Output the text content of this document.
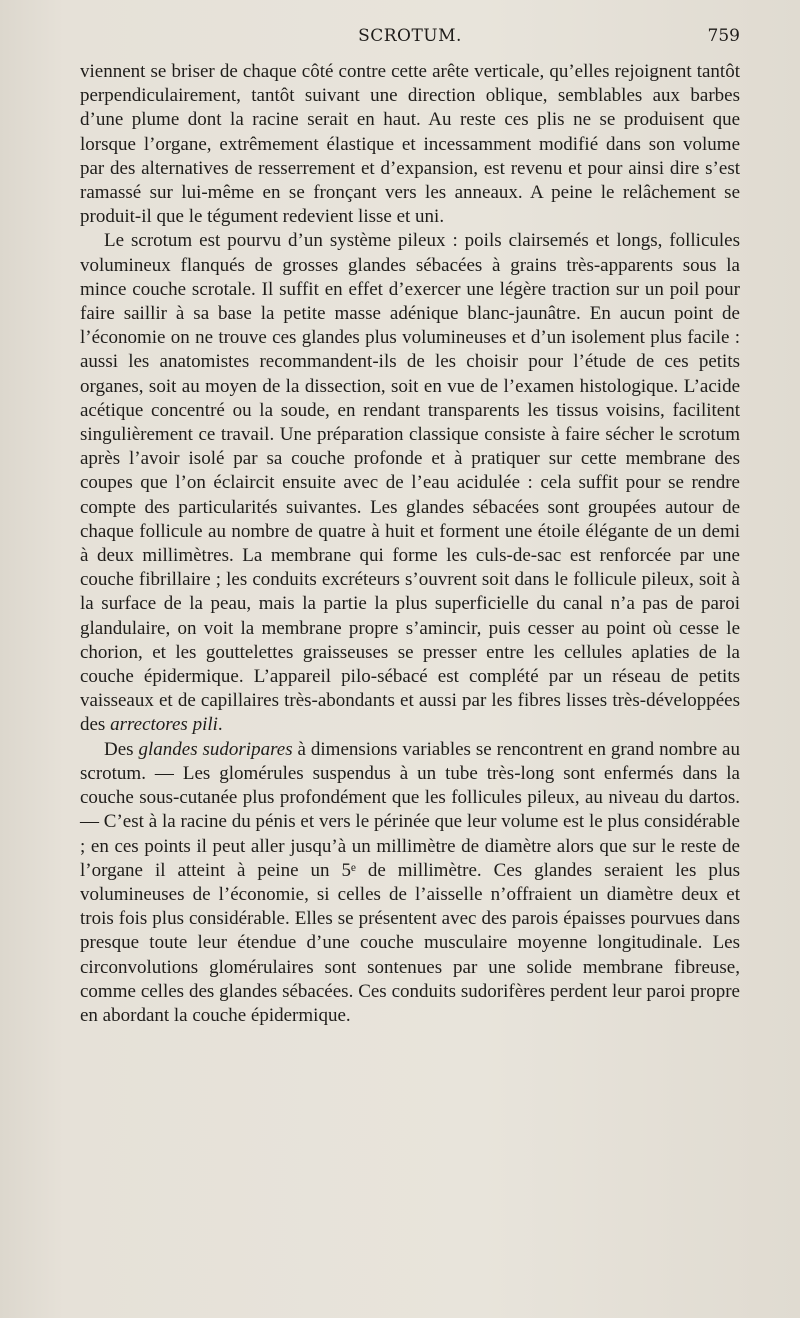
SCROTUM.	759

viennent se briser de chaque côté contre cette arête verticale, qu’elles rejoignent tantôt perpendiculairement, tantôt suivant une direction oblique, semblables aux barbes d’une plume dont la racine serait en haut. Au reste ces plis ne se produisent que lorsque l’organe, extrêmement élastique et incessamment modifié dans son volume par des alternatives de resserrement et d’expansion, est revenu et pour ainsi dire s’est ramassé sur lui-même en se fronçant vers les anneaux. A peine le relâchement se produit-il que le tégument redevient lisse et uni.

Le scrotum est pourvu d’un système pileux : poils clairsemés et longs, follicules volumineux flanqués de grosses glandes sébacées à grains très-apparents sous la mince couche scrotale. Il suffit en effet d’exercer une légère traction sur un poil pour faire saillir à sa base la petite masse adénique blanc-jaunâtre. En aucun point de l’économie on ne trouve ces glandes plus volumineuses et d’un isolement plus facile : aussi les anatomistes recommandent-ils de les choisir pour l’étude de ces petits organes, soit au moyen de la dissection, soit en vue de l’examen histologique. L’acide acétique concentré ou la soude, en rendant transparents les tissus voisins, facilitent singulièrement ce travail. Une préparation classique consiste à faire sécher le scrotum après l’avoir isolé par sa couche profonde et à pratiquer sur cette membrane des coupes que l’on éclaircit ensuite avec de l’eau acidulée : cela suffit pour se rendre compte des particularités suivantes. Les glandes sébacées sont groupées autour de chaque follicule au nombre de quatre à huit et forment une étoile élégante de un demi à deux millimètres. La membrane qui forme les culs-de-sac est renforcée par une couche fibrillaire ; les conduits excréteurs s’ouvrent soit dans le follicule pileux, soit à la surface de la peau, mais la partie la plus superficielle du canal n’a pas de paroi glandulaire, on voit la membrane propre s’amincir, puis cesser au point où cesse le chorion, et les gouttelettes graisseuses se presser entre les cellules aplaties de la couche épidermique. L’appareil pilo-sébacé est complété par un réseau de petits vaisseaux et de capillaires très-abondants et aussi par les fibres lisses très-développées des arrectores pili.

Des glandes sudoripares à dimensions variables se rencontrent en grand nombre au scrotum. — Les glomérules suspendus à un tube très-long sont enfermés dans la couche sous-cutanée plus profondément que les follicules pileux, au niveau du dartos. — C’est à la racine du pénis et vers le périnée que leur volume est le plus considérable ; en ces points il peut aller jusqu’à un millimètre de diamètre alors que sur le reste de l’organe il atteint à peine un 5ᵉ de millimètre. Ces glandes seraient les plus volumineuses de l’économie, si celles de l’aisselle n’offraient un diamètre deux et trois fois plus considérable. Elles se présentent avec des parois épaisses pourvues dans presque toute leur étendue d’une couche musculaire moyenne longitudinale. Les circonvolutions glomérulaires sont sontenues par une solide membrane fibreuse, comme celles des glandes sébacées. Ces conduits sudorifères perdent leur paroi propre en abordant la couche épidermique.
